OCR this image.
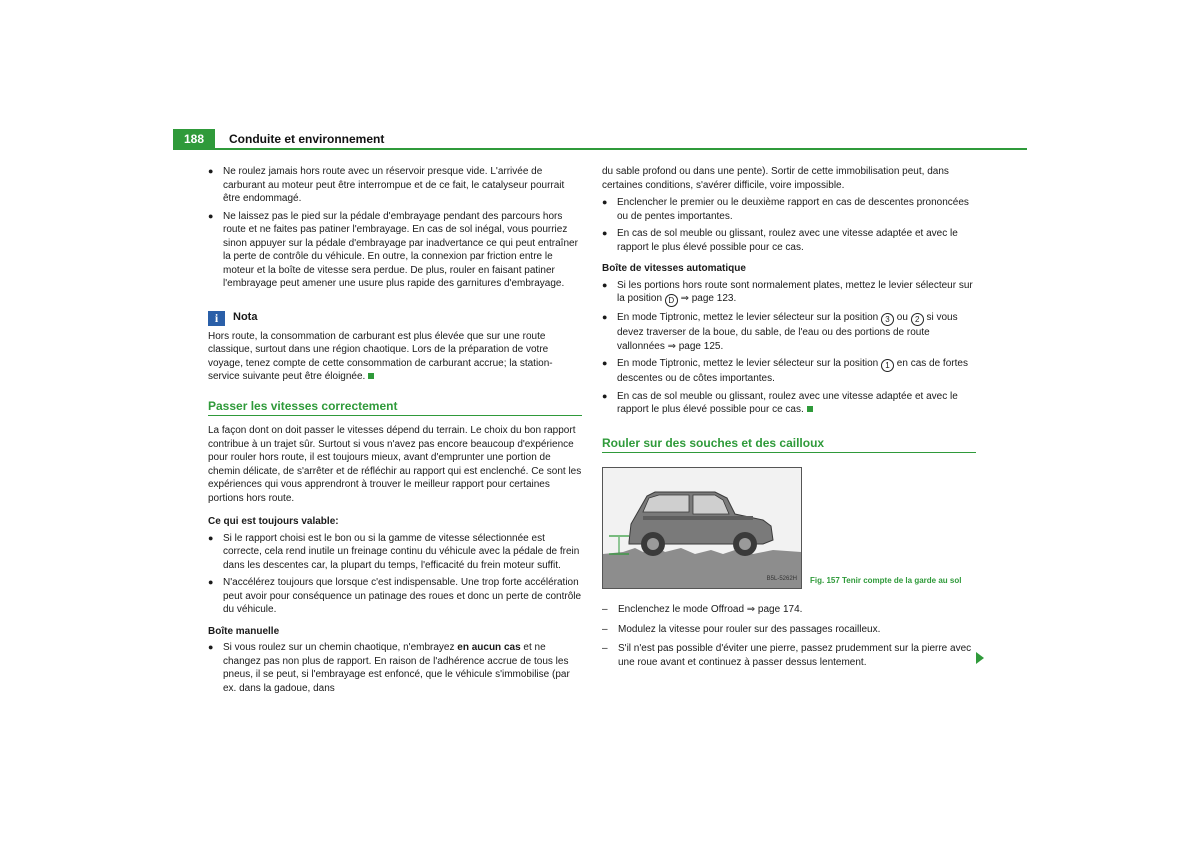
188	Conduite et environnement
● Ne roulez jamais hors route avec un réservoir presque vide. L'arrivée de carburant au moteur peut être interrompue et de ce fait, le catalyseur pourrait être endommagé.
● Ne laissez pas le pied sur la pédale d'embrayage pendant des parcours hors route et ne faites pas patiner l'embrayage. En cas de sol inégal, vous pourriez sinon appuyer sur la pédale d'embrayage par inadvertance ce qui peut entraîner la perte de contrôle du véhicule. En outre, la connexion par friction entre le moteur et la boîte de vitesse sera perdue. De plus, rouler en faisant patiner l'embrayage peut amener une usure plus rapide des garnitures d'embrayage.
i	Nota

Hors route, la consommation de carburant est plus élevée que sur une route classique, surtout dans une région chaotique. Lors de la préparation de votre voyage, tenez compte de cette consommation de carburant accrue; la station-service suivante peut être éloignée.

Passer les vitesses correctement

La façon dont on doit passer le vitesses dépend du terrain. Le choix du bon rapport contribue à un trajet sûr. Surtout si vous n'avez pas encore beaucoup d'expérience pour rouler hors route, il est toujours mieux, avant d'emprunter une portion de chemin délicate, de s'arrêter et de réfléchir au rapport qui est enclenché. Ce sont les expériences qui vous apprendront à trouver le meilleur rapport pour certaines portions hors route.

Ce qui est toujours valable:
● Si le rapport choisi est le bon ou si la gamme de vitesse sélectionnée est correcte, cela rend inutile un freinage continu du véhicule avec la pédale de frein dans les descentes car, la plupart du temps, l'efficacité du frein moteur suffit.
● N'accélérez toujours que lorsque c'est indispensable. Une trop forte accélération peut avoir pour conséquence un patinage des roues et donc un perte de contrôle du véhicule.
Boîte manuelle
● Si vous roulez sur un chemin chaotique, n'embrayez en aucun cas et ne changez pas non plus de rapport. En raison de l'adhérence accrue de tous les pneus, il se peut, si l'embrayage est enfoncé, que le véhicule s'immobilise (par ex. dans la gadoue, dans

du sable profond ou dans une pente). Sortir de cette immobilisation peut, dans certaines conditions, s'avérer difficile, voire impossible.

● Enclencher le premier ou le deuxième rapport en cas de descentes prononcées ou de pentes importantes.
● En cas de sol meuble ou glissant, roulez avec une vitesse adaptée et avec le rapport le plus élevé possible pour ce cas.
Boîte de vitesses automatique
● Si les portions hors route sont normalement plates, mettez le levier sélecteur sur la position D ⇒ page 123.
● En mode Tiptronic, mettez le levier sélecteur sur la position 3 ou 2 si vous devez traverser de la boue, du sable, de l'eau ou des portions de route vallonnées ⇒ page 125.
● En mode Tiptronic, mettez le levier sélecteur sur la position 1 en cas de fortes descentes ou de côtes importantes.
● En cas de sol meuble ou glissant, roulez avec une vitesse adaptée et avec le rapport le plus élevé possible pour ce cas.
Rouler sur des souches et des cailloux
B5L-5262H Fig. 157 Tenir compte de la garde au sol
– Enclenchez le mode Offroad ⇒ page 174.
– Modulez la vitesse pour rouler sur des passages rocailleux.
– S'il n'est pas possible d'éviter une pierre, passez prudemment sur la pierre avec une roue avant et continuez à passer dessus lentement.
